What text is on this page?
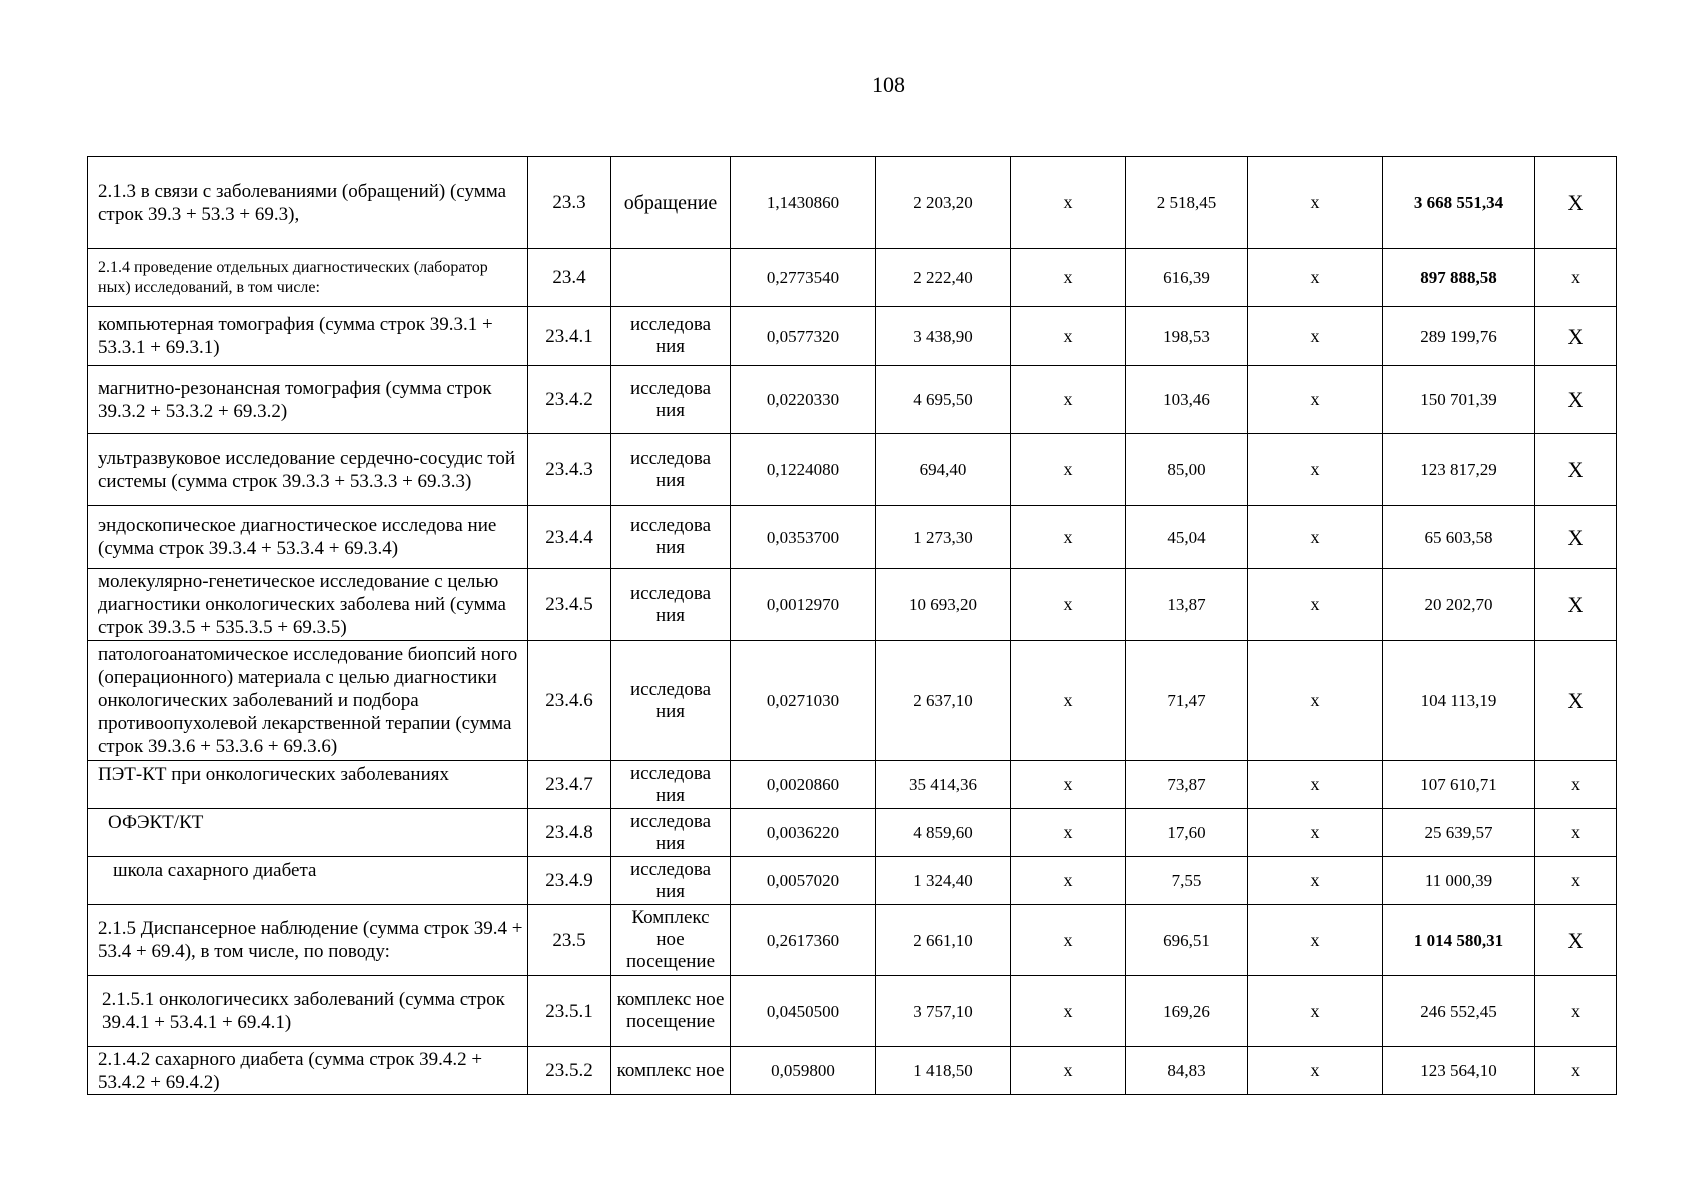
108
2.1.3 в связи с заболеваниями (обращений) (сумма строк 39.3 + 53.3 + 69.3),	23.3	обращение	1,1430860	2 203,20	x	2 518,45	x	3 668 551,34	X
2.1.4 проведение отдельных диагностических (лаборатор ных) исследований, в том числе:	23.4		0,2773540	2 222,40	x	616,39	x	897 888,58	x
компьютерная томография (сумма строк 39.3.1 + 53.3.1 + 69.3.1)	23.4.1	исследова ния	0,0577320	3 438,90	x	198,53	x	289 199,76	X
магнитно-резонансная томография (сумма строк 39.3.2 + 53.3.2 + 69.3.2)	23.4.2	исследова ния	0,0220330	4 695,50	x	103,46	x	150 701,39	X
ультразвуковое исследование сердечно-сосудис той системы (сумма строк 39.3.3 + 53.3.3 + 69.3.3)	23.4.3	исследова ния	0,1224080	694,40	x	85,00	x	123 817,29	X
эндоскопическое диагностическое исследова ние (сумма строк 39.3.4 + 53.3.4 + 69.3.4)	23.4.4	исследова ния	0,0353700	1 273,30	x	45,04	x	65 603,58	X
молекулярно-генетическое исследование с целью диагностики онкологических заболева ний (сумма строк 39.3.5 + 535.3.5 + 69.3.5)	23.4.5	исследова ния	0,0012970	10 693,20	x	13,87	x	20 202,70	X
патологоанатомическое исследование биопсий ного (операционного) материала с целью диагностики онкологических заболеваний и подбора противоопухолевой лекарственной терапии (сумма строк 39.3.6 + 53.3.6 + 69.3.6)	23.4.6	исследова ния	0,0271030	2 637,10	x	71,47	x	104 113,19	X
ПЭТ-КТ при онкологических заболеваниях	23.4.7	исследова ния	0,0020860	35 414,36	x	73,87	x	107 610,71	x
ОФЭКТ/КТ	23.4.8	исследова ния	0,0036220	4 859,60	x	17,60	x	25 639,57	x
школа сахарного диабета	23.4.9	исследова ния	0,0057020	1 324,40	x	7,55	x	11 000,39	x
2.1.5 Диспансерное наблюдение (сумма строк 39.4 + 53.4 + 69.4), в том числе, по поводу:	23.5	Комплекс ное посещение	0,2617360	2 661,10	x	696,51	x	1 014 580,31	X
2.1.5.1 онкологичесикх заболеваний (сумма строк 39.4.1 + 53.4.1 + 69.4.1)	23.5.1	комплекс ное посещение	0,0450500	3 757,10	x	169,26	x	246 552,45	x
2.1.4.2 сахарного диабета (сумма строк 39.4.2 + 53.4.2 + 69.4.2)	23.5.2	комплекс ное	0,059800	1 418,50	x	84,83	x	123 564,10	x
